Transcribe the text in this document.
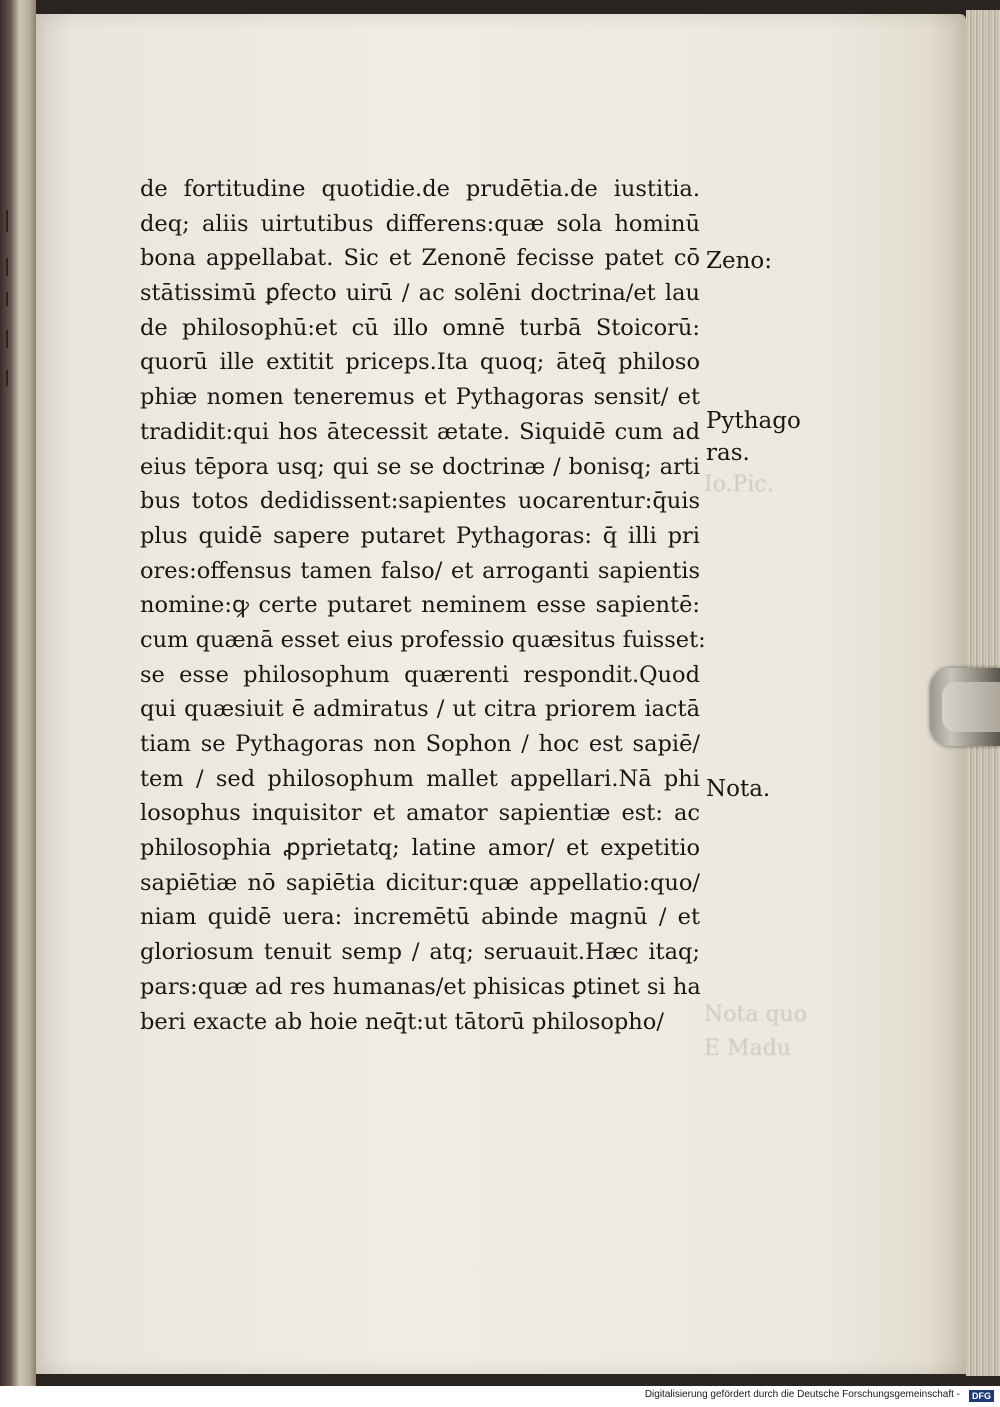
Nota quo
E Madu
Io.Pic.
de fortitudine quotidie.de prudētia.de iustitia.
deq; aliis uirtutibus differens:quæ sola hominū
bona appellabat. Sic et Zenonē fecisse patet cō
stātissimū ꝑfecto uirū / ac solēni doctrina/et lau
de philosophū:et cū illo omnē turbā Stoicorū:
quorū ille extitit priceps.Ita quoq; āteq̄ philoso
phiæ nomen teneremus et Pythagoras sensit/ et
tradidit:qui hos ātecessit ætate. Siquidē cum ad
eius tēpora usq; qui se se doctrinæ / bonisq; arti
bus totos dedidissent:sapientes uocarentur:q̄uis
plus quidē sapere putaret Pythagoras: q̄ illi pri
ores:offensus tamen falso/ et arroganti sapientis
nomine:ꝙ certe putaret neminem esse sapientē:
cum quænā esset eius professio quæsitus fuisset:
se esse philosophum quærenti respondit.Quod
qui quæsiuit ē admiratus / ut citra priorem iactā
tiam se Pythagoras non Sophon / hoc est sapiē/
tem / sed philosophum mallet appellari.Nā phi
losophus inquisitor et amator sapientiæ est: ac
philosophia ꝓprietatq; latine amor/ et expetitio
sapiētiæ nō sapiētia dicitur:quæ appellatio:quo/
niam quidē uera: incremētū abinde magnū / et
gloriosum tenuit semp / atq; seruauit.Hæc itaq;
pars:quæ ad res humanas/et phisicas ꝑtinet si ha
beri exacte ab hoie neq̄t:ut tātorū philosopho/
Zeno:
Pythago
ras.
Nota.
Digitalisierung gefördert durch die Deutsche Forschungsgemeinschaft -	DFG
